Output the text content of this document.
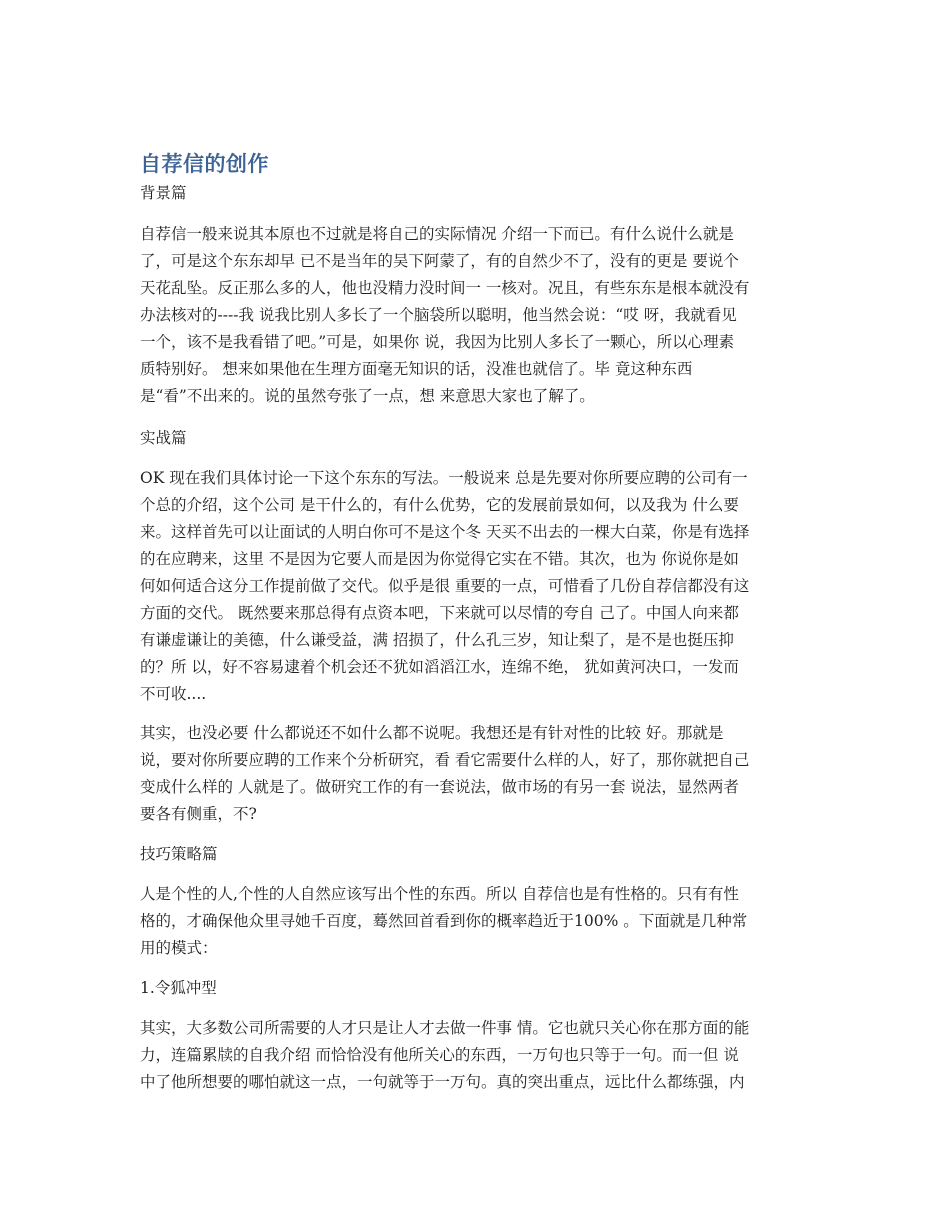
自荐信的创作

背景篇

自荐信一般来说其本原也不过就是将自己的实际情况 介绍一下而已。有什么说什么就是
了，可是这个东东却早 已不是当年的吴下阿蒙了，有的自然少不了，没有的更是 要说个
天花乱坠。反正那么多的人，他也没精力没时间一 一核对。况且，有些东东是根本就没有
办法核对的----我 说我比别人多长了一个脑袋所以聪明，他当然会说：“哎 呀，我就看见
一个，该不是我看错了吧。”可是，如果你 说，我因为比别人多长了一颗心，所以心理素
质特别好。 想来如果他在生理方面毫无知识的话，没准也就信了。毕 竟这种东西
是“看”不出来的。说的虽然夸张了一点，想 来意思大家也了解了。

实战篇

OK 现在我们具体讨论一下这个东东的写法。一般说来 总是先要对你所要应聘的公司有一
个总的介绍，这个公司 是干什么的，有什么优势，它的发展前景如何，以及我为 什么要
来。这样首先可以让面试的人明白你可不是这个冬 天买不出去的一棵大白菜，你是有选择
的在应聘来，这里 不是因为它要人而是因为你觉得它实在不错。其次，也为 你说你是如
何如何适合这分工作提前做了交代。似乎是很 重要的一点，可惜看了几份自荐信都没有这
方面的交代。 既然要来那总得有点资本吧，下来就可以尽情的夸自 己了。中国人向来都
有谦虚谦让的美德，什么谦受益，满 招损了，什么孔三岁，知让梨了，是不是也挺压抑
的？所 以，好不容易逮着个机会还不犹如滔滔江水，连绵不绝， 犹如黄河决口，一发而
不可收....

其实，也没必要 什么都说还不如什么都不说呢。我想还是有针对性的比较 好。那就是
说，要对你所要应聘的工作来个分析研究，看 看它需要什么样的人，好了，那你就把自己
变成什么样的 人就是了。做研究工作的有一套说法，做市场的有另一套 说法，显然两者
要各有侧重，不?

技巧策略篇

人是个性的人,个性的人自然应该写出个性的东西。所以 自荐信也是有性格的。只有有性
格的，才确保他众里寻她千百度，蓦然回首看到你的概率趋近于100% 。下面就是几种常
用的模式：

1.令狐冲型

其实，大多数公司所需要的人才只是让人才去做一件事 情。它也就只关心你在那方面的能
力，连篇累牍的自我介绍 而恰恰没有他所关心的东西，一万句也只等于一句。而一但 说
中了他所想要的哪怕就这一点，一句就等于一万句。真的突出重点，远比什么都练强，内
